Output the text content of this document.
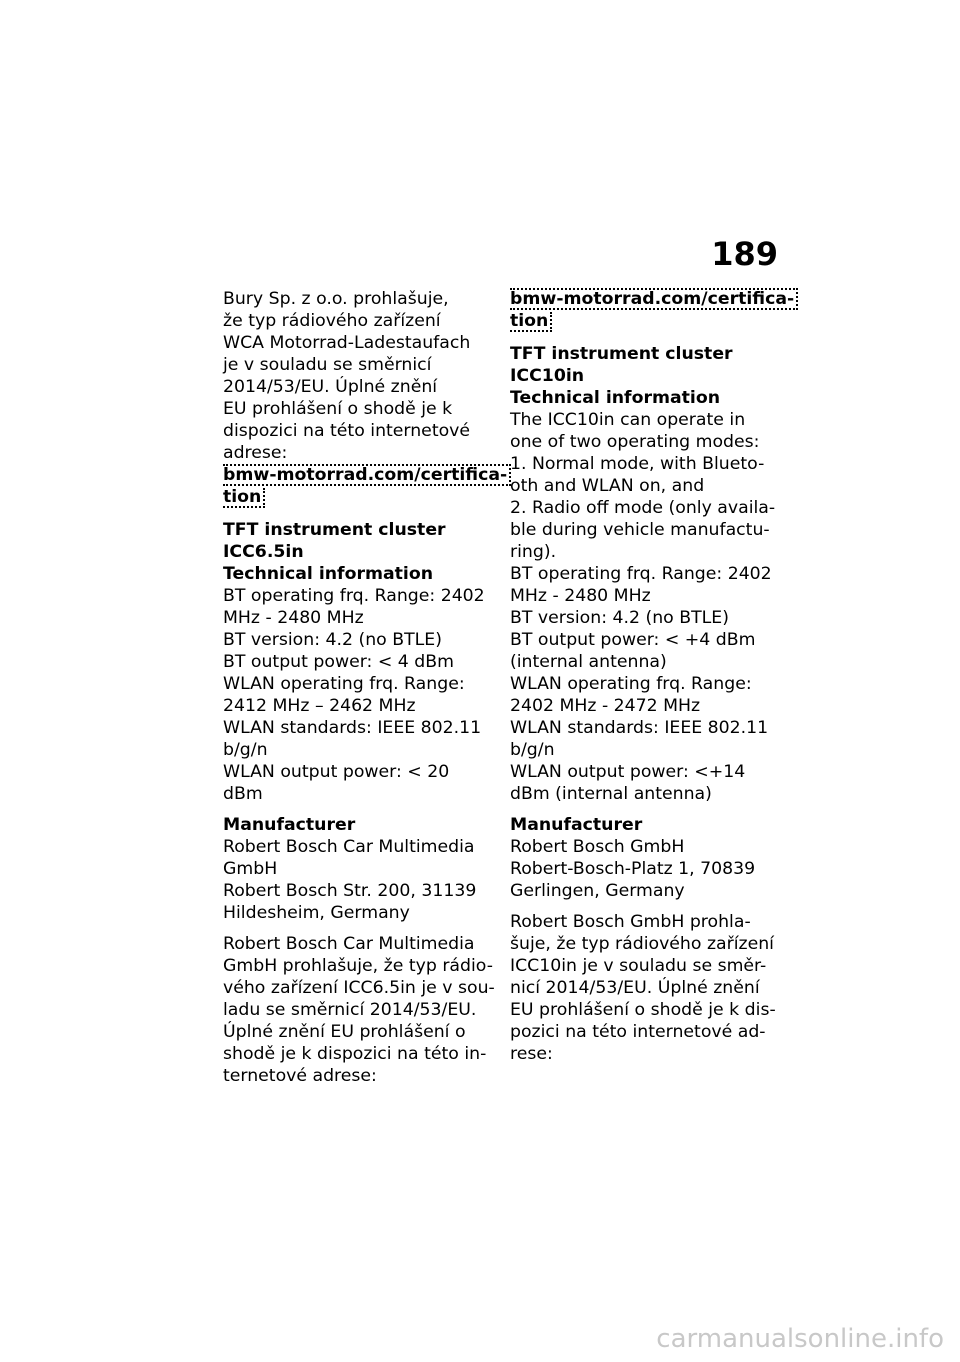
189
Bury Sp. z o.o. prohlašuje,
že typ rádiového zařízení
WCA Motorrad-Ladestaufach
je v souladu se směrnicí
2014/53/EU. Úplné znění
EU prohlášení o shodě je k
dispozici na této internetové
adrese:
bmw-motorrad.com/certifica-
tion
TFT instrument cluster
ICC6.5in
Technical information
BT operating frq. Range: 2402
MHz - 2480 MHz
BT version: 4.2 (no BTLE)
BT output power: < 4 dBm
WLAN operating frq. Range:
2412 MHz – 2462 MHz
WLAN standards: IEEE 802.11
b/g/n
WLAN output power: < 20
dBm
Manufacturer
Robert Bosch Car Multimedia
GmbH
Robert Bosch Str. 200, 31139
Hildesheim, Germany
Robert Bosch Car Multimedia
GmbH prohlašuje, že typ rádio-
vého zařízení ICC6.5in je v sou-
ladu se směrnicí 2014/53/EU.
Úplné znění EU prohlášení o
shodě je k dispozici na této in-
ternetové adrese:
bmw-motorrad.com/certifica-
tion
TFT instrument cluster
ICC10in
Technical information
The ICC10in can operate in
one of two operating modes:
1. Normal mode, with Blueto-
oth and WLAN on, and
2. Radio off mode (only availa-
ble during vehicle manufactu-
ring).
BT operating frq. Range: 2402
MHz - 2480 MHz
BT version: 4.2 (no BTLE)
BT output power: < +4 dBm
(internal antenna)
WLAN operating frq. Range:
2402 MHz - 2472 MHz
WLAN standards: IEEE 802.11
b/g/n
WLAN output power: <+14
dBm (internal antenna)
Manufacturer
Robert Bosch GmbH
Robert-Bosch-Platz 1, 70839
Gerlingen, Germany
Robert Bosch GmbH prohla-
šuje, že typ rádiového zařízení
ICC10in je v souladu se směr-
nicí 2014/53/EU. Úplné znění
EU prohlášení o shodě je k dis-
pozici na této internetové ad-
rese:
carmanualsonline.info
